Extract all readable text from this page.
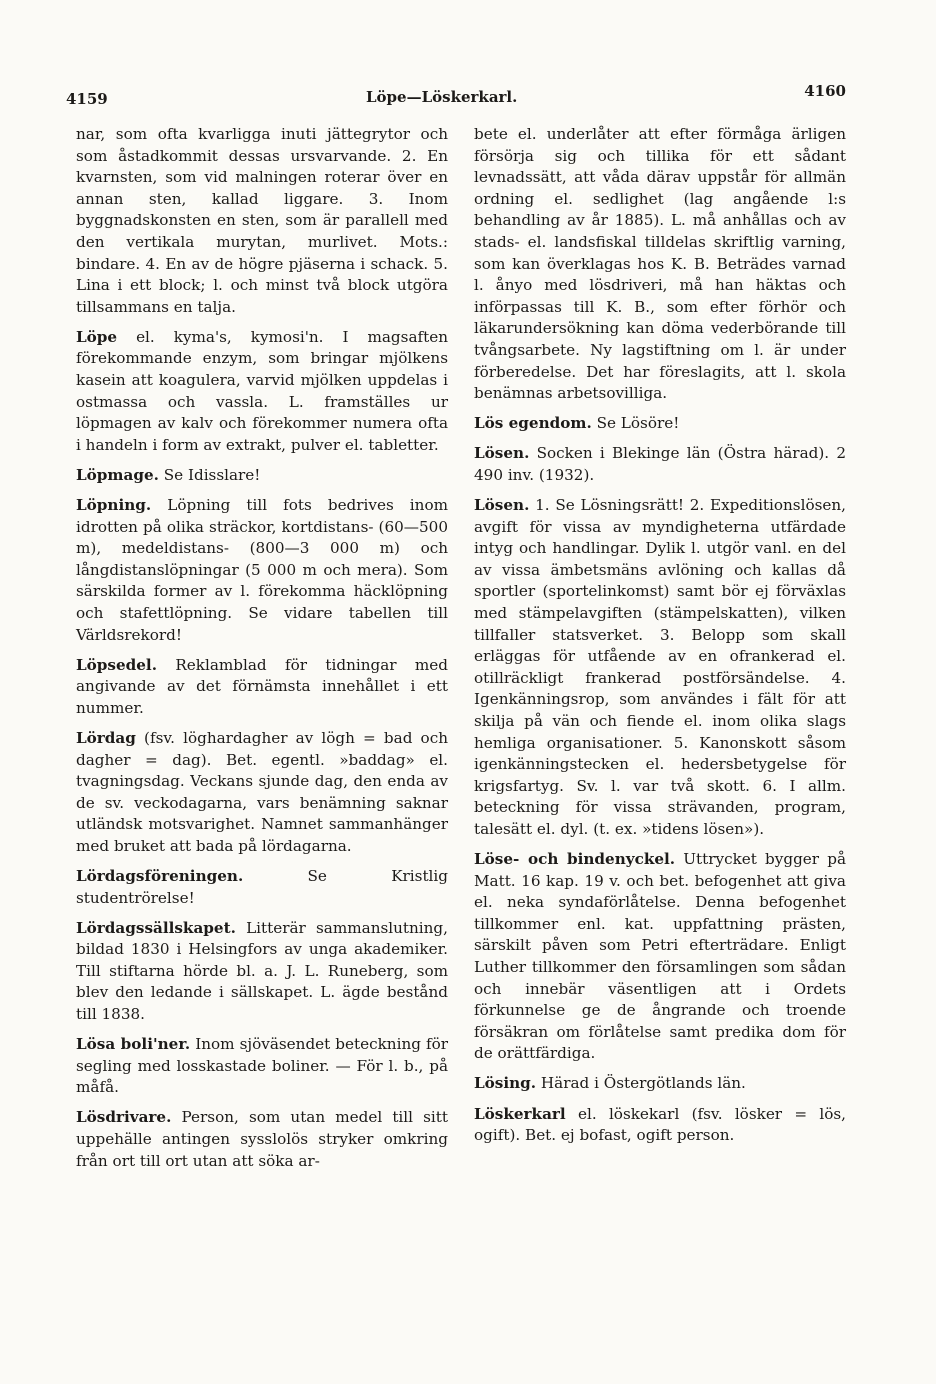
4159	Löpe—Löskerkarl.	4160

nar, som ofta kvarligga inuti jättegrytor och som åstadkommit dessas ursvarvande. 2. En kvarnsten, som vid malningen roterar över en annan sten, kallad liggare. 3. Inom byggnadskonsten en sten, som är parallell med den vertikala murytan, murlivet. Mots.: bindare. 4. En av de högre pjäserna i schack. 5. Lina i ett block; l. och minst två block utgöra tillsammans en talja.

Löpe el. kyma's, kymosi'n. I magsaften förekommande enzym, som bringar mjölkens kasein att koagulera, varvid mjölken uppdelas i ostmassa och vassla. L. framställes ur löpmagen av kalv och förekommer numera ofta i handeln i form av extrakt, pulver el. tabletter.

Löpmage. Se Idisslare!

Löpning. Löpning till fots bedrives inom idrotten på olika sträckor, kortdistans- (60—500 m), medeldistans- (800—3 000 m) och långdistanslöpningar (5 000 m och mera). Som särskilda former av l. förekomma häcklöpning och stafettlöpning. Se vidare tabellen till Världsrekord!

Löpsedel. Reklamblad för tidningar med angivande av det förnämsta innehållet i ett nummer.

Lördag (fsv. löghardagher av lögh = bad och dagher = dag). Bet. egentl. »baddag» el. tvagningsdag. Veckans sjunde dag, den enda av de sv. veckodagarna, vars benämning saknar utländsk motsvarighet. Namnet sammanhänger med bruket att bada på lördagarna.

Lördagsföreningen. Se Kristlig studentrörelse!

Lördagssällskapet. Litterär sammanslutning, bildad 1830 i Helsingfors av unga akademiker. Till stiftarna hörde bl. a. J. L. Runeberg, som blev den ledande i sällskapet. L. ägde bestånd till 1838.

Lösa boli'ner. Inom sjöväsendet beteckning för segling med losskastade boliner. — För l. b., på måfå.

Lösdrivare. Person, som utan medel till sitt uppehälle antingen sysslolös stryker omkring från ort till ort utan att söka ar-

bete el. underlåter att efter förmåga ärligen försörja sig och tillika för ett sådant levnadssätt, att våda därav uppstår för allmän ordning el. sedlighet (lag angående l:s behandling av år 1885). L. må anhållas och av stads- el. landsfiskal tilldelas skriftlig varning, som kan överklagas hos K. B. Beträdes varnad l. ånyo med lösdriveri, må han häktas och införpassas till K. B., som efter förhör och läkarundersökning kan döma vederbörande till tvångsarbete. Ny lagstiftning om l. är under förberedelse. Det har föreslagits, att l. skola benämnas arbetsovilliga.

Lös egendom. Se Lösöre!

Lösen. Socken i Blekinge län (Östra härad). 2 490 inv. (1932).

Lösen. 1. Se Lösningsrätt! 2. Expeditionslösen, avgift för vissa av myndigheterna utfärdade intyg och handlingar. Dylik l. utgör vanl. en del av vissa ämbetsmäns avlöning och kallas då sportler (sportelinkomst) samt bör ej förväxlas med stämpelavgiften (stämpelskatten), vilken tillfaller statsverket. 3. Belopp som skall erläggas för utfående av en ofrankerad el. otillräckligt frankerad postförsändelse. 4. Igenkänningsrop, som användes i fält för att skilja på vän och fiende el. inom olika slags hemliga organisationer. 5. Kanonskott såsom igenkänningstecken el. hedersbetygelse för krigsfartyg. Sv. l. var två skott. 6. I allm. beteckning för vissa strävanden, program, talesätt el. dyl. (t. ex. »tidens lösen»).

Löse- och bindenyckel. Uttrycket bygger på Matt. 16 kap. 19 v. och bet. befogenhet att giva el. neka syndaförlåtelse. Denna befogenhet tillkommer enl. kat. uppfattning prästen, särskilt påven som Petri efterträdare. Enligt Luther tillkommer den församlingen som sådan och innebär väsentligen att i Ordets förkunnelse ge de ångrande och troende försäkran om förlåtelse samt predika dom för de orättfärdiga.

Lösing. Härad i Östergötlands län.

Löskerkarl el. löskekarl (fsv. lösker = lös, ogift). Bet. ej bofast, ogift person.
